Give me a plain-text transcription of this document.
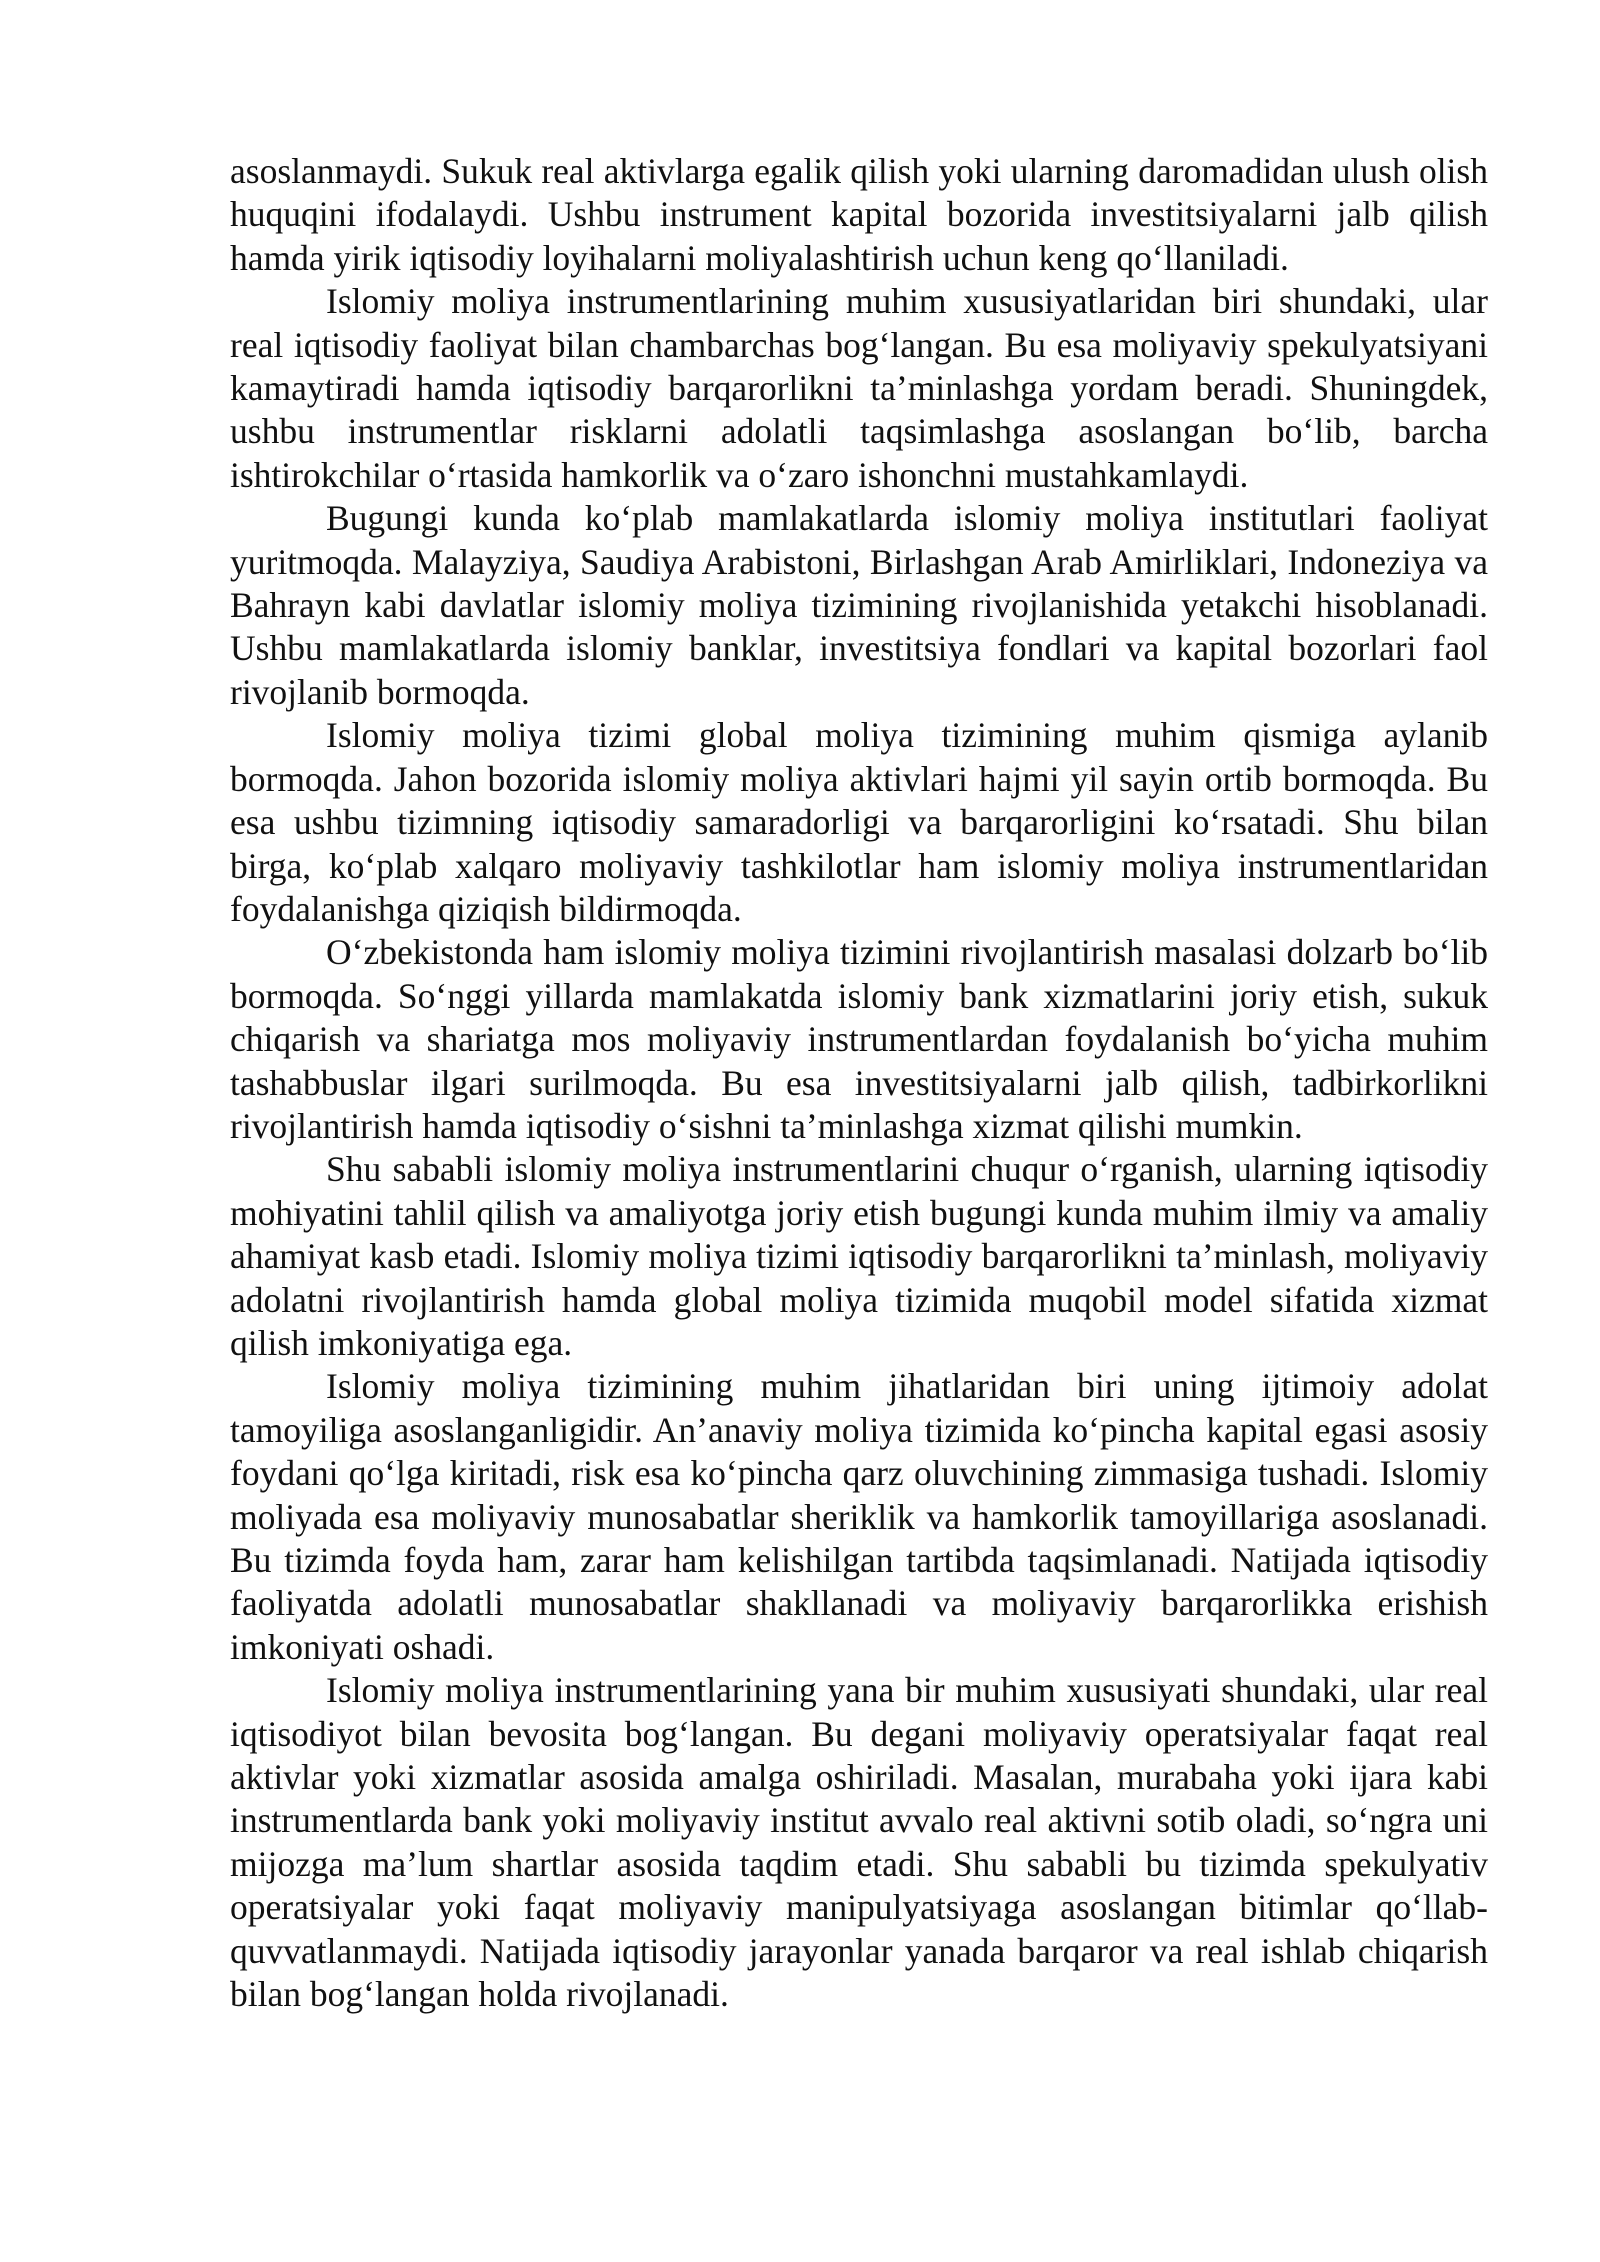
asoslanmaydi. Sukuk real aktivlarga egalik qilish yoki ularning daromadidan ulush olish huquqini ifodalaydi. Ushbu instrument kapital bozorida investitsiyalarni jalb qilish hamda yirik iqtisodiy loyihalarni moliyalashtirish uchun keng qo‘llaniladi.

Islomiy moliya instrumentlarining muhim xususiyatlaridan biri shundaki, ular real iqtisodiy faoliyat bilan chambarchas bog‘langan. Bu esa moliyaviy spekulyatsiyani kamaytiradi hamda iqtisodiy barqarorlikni ta’minlashga yordam beradi. Shuningdek, ushbu instrumentlar risklarni adolatli taqsimlashga asoslangan bo‘lib, barcha ishtirokchilar o‘rtasida hamkorlik va o‘zaro ishonchni mustahkamlaydi.

Bugungi kunda ko‘plab mamlakatlarda islomiy moliya institutlari faoliyat yuritmoqda. Malayziya, Saudiya Arabistoni, Birlashgan Arab Amirliklari, Indoneziya va Bahrayn kabi davlatlar islomiy moliya tizimining rivojlanishida yetakchi hisoblanadi. Ushbu mamlakatlarda islomiy banklar, investitsiya fondlari va kapital bozorlari faol rivojlanib bormoqda.

Islomiy moliya tizimi global moliya tizimining muhim qismiga aylanib bormoqda. Jahon bozorida islomiy moliya aktivlari hajmi yil sayin ortib bormoqda. Bu esa ushbu tizimning iqtisodiy samaradorligi va barqarorligini ko‘rsatadi. Shu bilan birga, ko‘plab xalqaro moliyaviy tashkilotlar ham islomiy moliya instrumentlaridan foydalanishga qiziqish bildirmoqda.

O‘zbekistonda ham islomiy moliya tizimini rivojlantirish masalasi dolzarb bo‘lib bormoqda. So‘nggi yillarda mamlakatda islomiy bank xizmatlarini joriy etish, sukuk chiqarish va shariatga mos moliyaviy instrumentlardan foydalanish bo‘yicha muhim tashabbuslar ilgari surilmoqda. Bu esa investitsiyalarni jalb qilish, tadbirkorlikni rivojlantirish hamda iqtisodiy o‘sishni ta’minlashga xizmat qilishi mumkin.

Shu sababli islomiy moliya instrumentlarini chuqur o‘rganish, ularning iqtisodiy mohiyatini tahlil qilish va amaliyotga joriy etish bugungi kunda muhim ilmiy va amaliy ahamiyat kasb etadi. Islomiy moliya tizimi iqtisodiy barqarorlikni ta’minlash, moliyaviy adolatni rivojlantirish hamda global moliya tizimida muqobil model sifatida xizmat qilish imkoniyatiga ega.

Islomiy moliya tizimining muhim jihatlaridan biri uning ijtimoiy adolat tamoyiliga asoslanganligidir. An’anaviy moliya tizimida ko‘pincha kapital egasi asosiy foydani qo‘lga kiritadi, risk esa ko‘pincha qarz oluvchining zimmasiga tushadi. Islomiy moliyada esa moliyaviy munosabatlar sheriklik va hamkorlik tamoyillariga asoslanadi. Bu tizimda foyda ham, zarar ham kelishilgan tartibda taqsimlanadi. Natijada iqtisodiy faoliyatda adolatli munosabatlar shakllanadi va moliyaviy barqarorlikka erishish imkoniyati oshadi.

Islomiy moliya instrumentlarining yana bir muhim xususiyati shundaki, ular real iqtisodiyot bilan bevosita bog‘langan. Bu degani moliyaviy operatsiyalar faqat real aktivlar yoki xizmatlar asosida amalga oshiriladi. Masalan, murabaha yoki ijara kabi instrumentlarda bank yoki moliyaviy institut avvalo real aktivni sotib oladi, so‘ngra uni mijozga ma’lum shartlar asosida taqdim etadi. Shu sababli bu tizimda spekulyativ operatsiyalar yoki faqat moliyaviy manipulyatsiyaga asoslangan bitimlar qo‘llab-quvvatlanmaydi. Natijada iqtisodiy jarayonlar yanada barqaror va real ishlab chiqarish bilan bog‘langan holda rivojlanadi.
